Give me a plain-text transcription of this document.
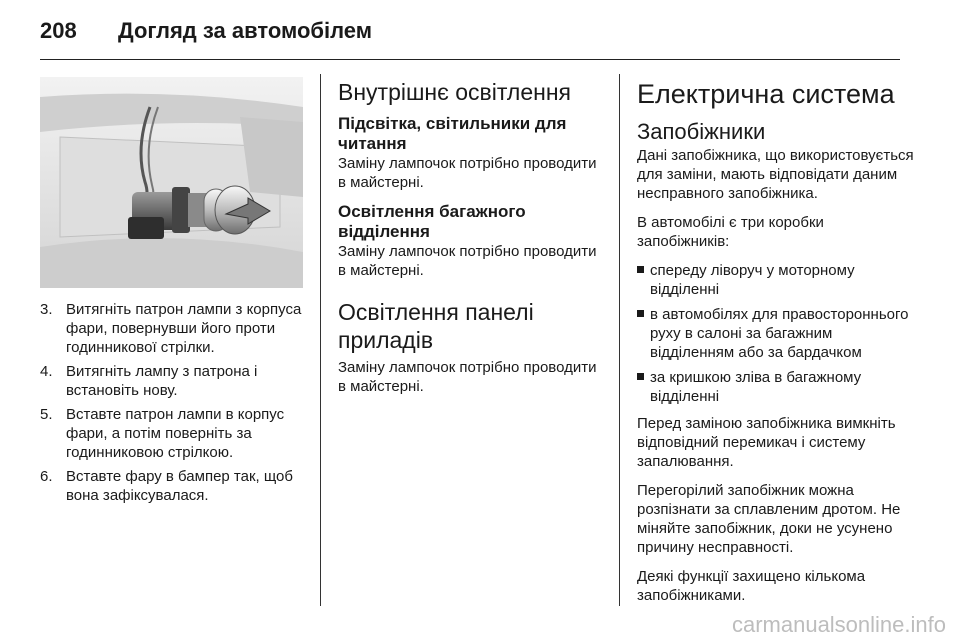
208	Догляд за автомобілем
3. Витягніть патрон лампи з корпуса фари, повернувши його проти годинникової стрілки.
4. Витягніть лампу з патрона і встановіть нову.
5. Вставте патрон лампи в корпус фари, а потім поверніть за годинниковою стрілкою.
6. Вставте фару в бампер так, щоб вона зафіксувалася.
Внутрішнє освітлення
Підсвітка, світильники для читання

Заміну лампочок потрібно проводити в майстерні.

Освітлення багажного відділення

Заміну лампочок потрібно проводити в майстерні.

Освітлення панелі приладів

Заміну лампочок потрібно проводити в майстерні.

Електрична система
Запобіжники

Дані запобіжника, що використовується для заміни, мають відповідати даним несправного запобіжника.

В автомобілі є три коробки запобіжників:

спереду ліворуч у моторному відділенні
в автомобілях для правостороннього руху в салоні за багажним відділенням або за бардачком
за кришкою зліва в багажному відділенні

Перед заміною запобіжника вимкніть відповідний перемикач і систему запалювання.

Перегорілий запобіжник можна розпізнати за сплавленим дротом. Не міняйте запобіжник, доки не усунено причину несправності.

Деякі функції захищено кількома запобіжниками.

carmanualsonline.info
